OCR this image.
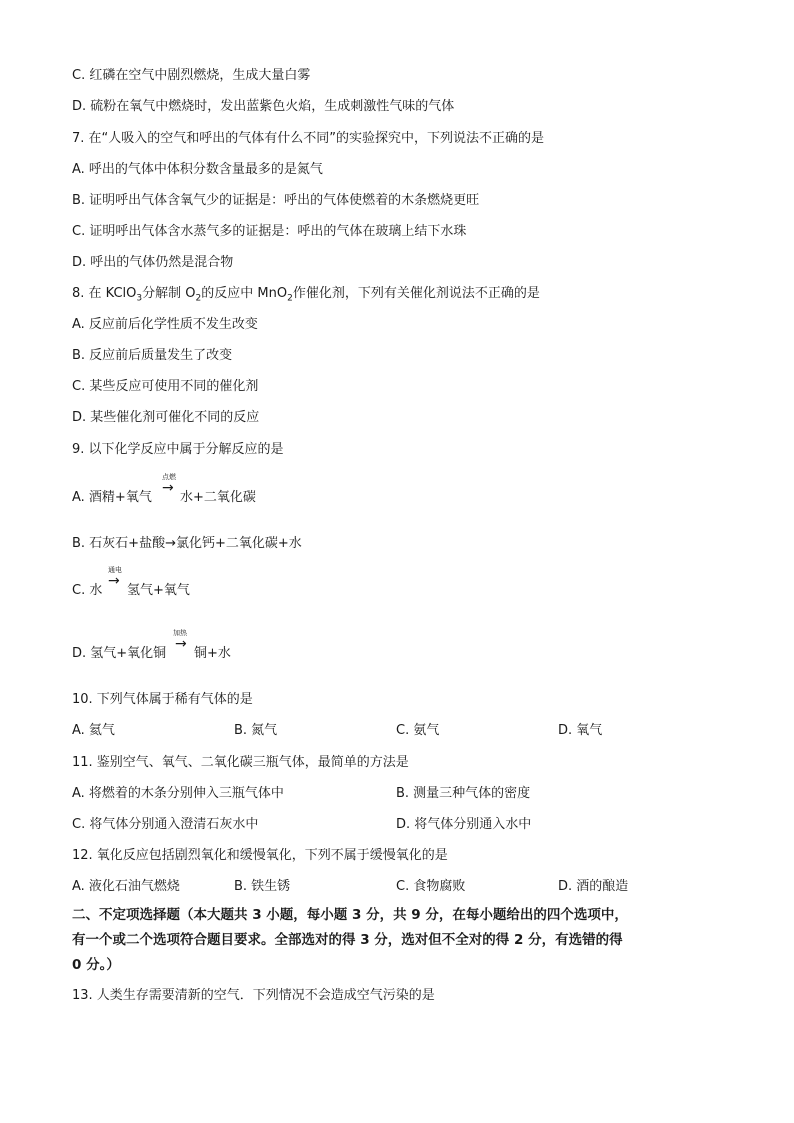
C. 红磷在空气中剧烈燃烧，生成大量白雾
D. 硫粉在氧气中燃烧时，发出蓝紫色火焰，生成刺激性气味的气体
7. 在“人吸入的空气和呼出的气体有什么不同”的实验探究中，下列说法不正确的是
A. 呼出的气体中体积分数含量最多的是氮气
B. 证明呼出气体含氧气少的证据是：呼出的气体使燃着的木条燃烧更旺
C. 证明呼出气体含水蒸气多的证据是：呼出的气体在玻璃上结下水珠
D. 呼出的气体仍然是混合物
8. 在 KClO$_3$分解制 $O_2$的反应中 MnO$_2$作催化剂，下列有关催化剂说法不正确的是
A. 反应前后化学性质不发生改变
B. 反应前后质量发生了改变
C. 某些反应可使用不同的催化剂
D. 某些催化剂可催化不同的反应
9. 以下化学反应中属于分解反应的是
A. 酒精+氧气
点燃
→
水+二氧化碳
B. 石灰石+盐酸→氯化钙+二氧化碳+水
C. 水
通电
→
氢气+氧气
D. 氢气+氧化铜
加热
→
铜+水
10. 下列气体属于稀有气体的是
A. 氦气	B. 氮气	C. 氨气	D. 氧气
11. 鉴别空气、氧气、二氧化碳三瓶气体，最简单的方法是
A. 将燃着的木条分别伸入三瓶气体中	B. 测量三种气体的密度
C. 将气体分别通入澄清石灰水中	D. 将气体分别通入水中
12. 氧化反应包括剧烈氧化和缓慢氧化，下列不属于缓慢氧化的是
A. 液化石油气燃烧	B. 铁生锈	C. 食物腐败	D. 酒的酿造
二、不定项选择题（本大题共 3 小题，每小题 3 分，共 9 分，在每小题给出的四个选项中，
有一个或二个选项符合题目要求。全部选对的得 3 分，选对但不全对的得 2 分，有选错的得
0 分。）
13. 人类生存需要清新的空气．下列情况不会造成空气污染的是
